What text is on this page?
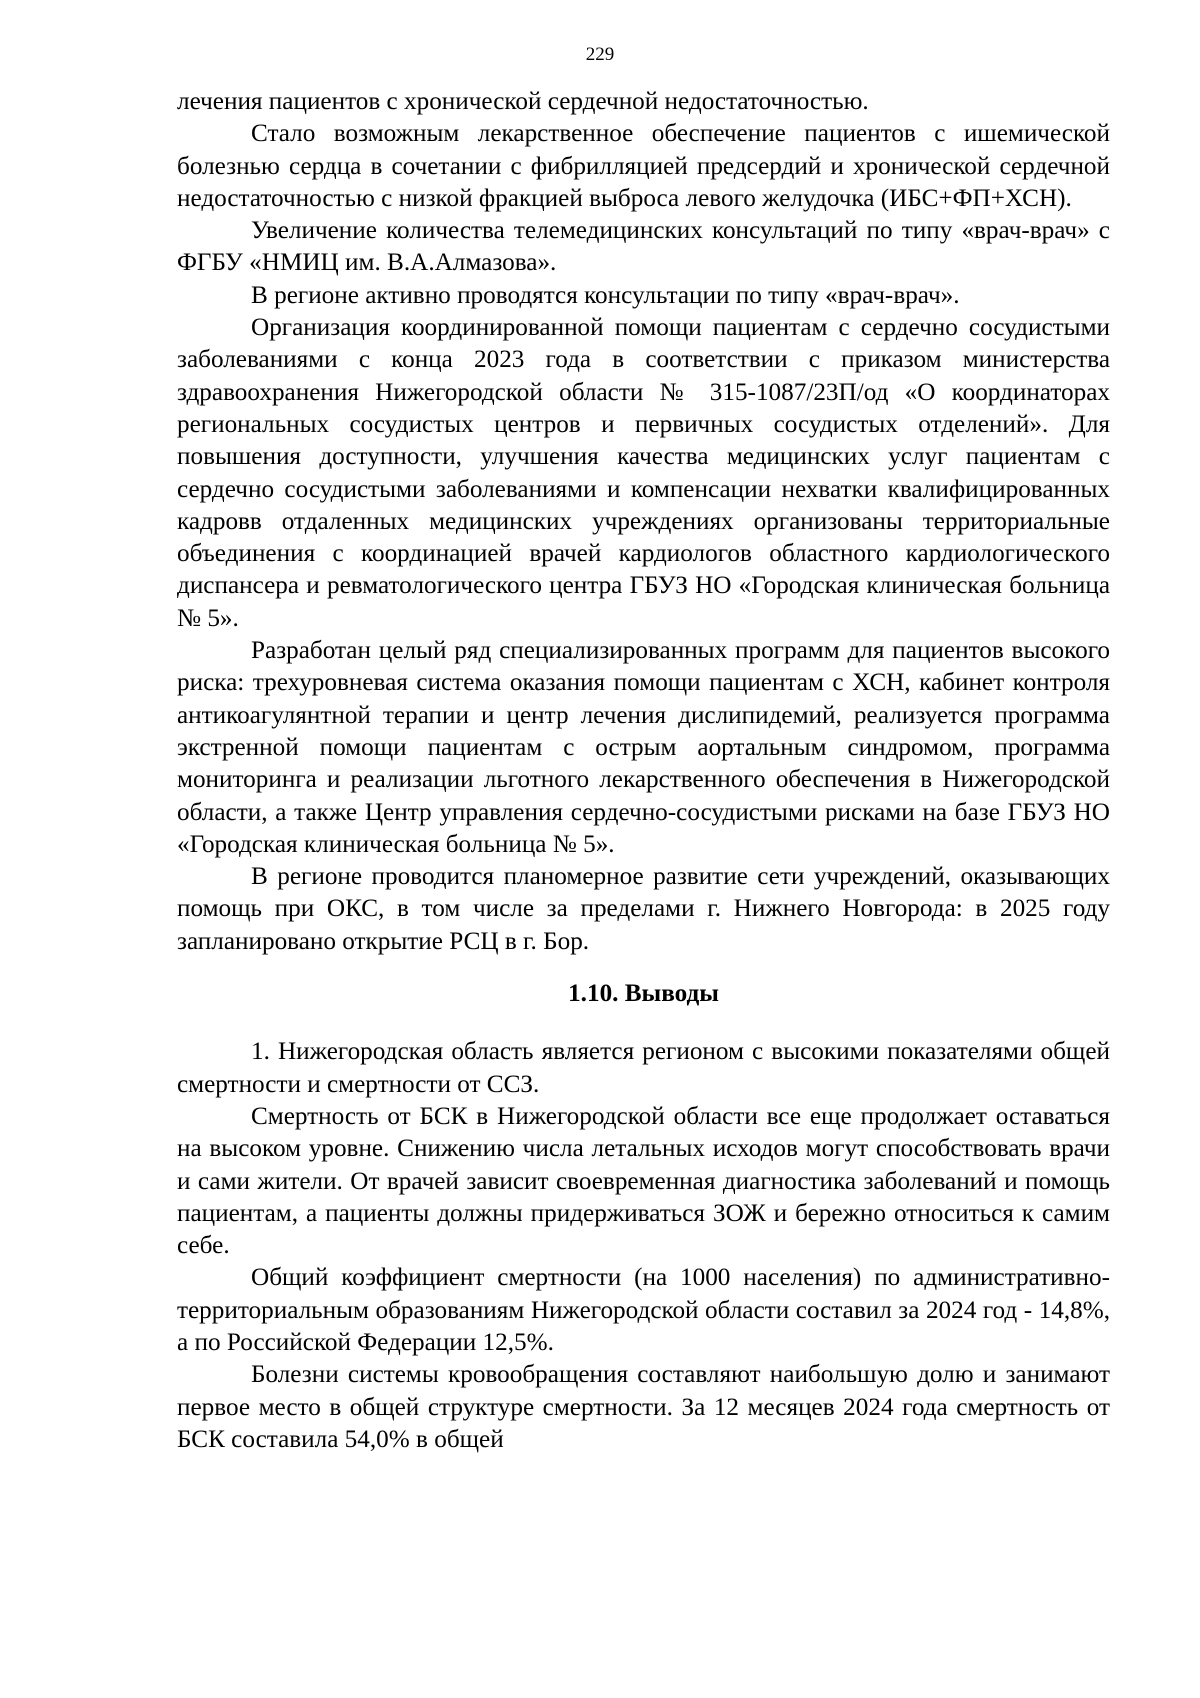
229

лечения пациентов с хронической сердечной недостаточностью.

Стало возможным лекарственное обеспечение пациентов с ишемической болезнью сердца в сочетании с фибрилляцией предсердий и хронической сердечной недостаточностью с низкой фракцией выброса левого желудочка (ИБС+ФП+ХСН).

Увеличение количества телемедицинских консультаций по типу «врач-врач» с ФГБУ «НМИЦ им. В.А.Алмазова».

В регионе активно проводятся консультации по типу «врач-врач».

Организация координированной помощи пациентам с сердечно сосудистыми заболеваниями с конца 2023 года в соответствии с приказом министерства здравоохранения Нижегородской области № 315-1087/23П/од «О координаторах региональных сосудистых центров и первичных сосудистых отделений». Для повышения доступности, улучшения качества медицинских услуг пациентам с сердечно сосудистыми заболеваниями и компенсации нехватки квалифицированных кадровв отдаленных медицинских учреждениях организованы территориальные объединения с координацией врачей кардиологов областного кардиологического диспансера и ревматологического центра ГБУЗ НО «Городская клиническая больница № 5».

Разработан целый ряд специализированных программ для пациентов высокого риска: трехуровневая система оказания помощи пациентам с ХСН, кабинет контроля антикоагулянтной терапии и центр лечения дислипидемий, реализуется программа экстренной помощи пациентам с острым аортальным синдромом, программа мониторинга и реализации льготного лекарственного обеспечения в Нижегородской области, а также Центр управления сердечно-сосудистыми рисками на базе ГБУЗ НО «Городская клиническая больница № 5».

В регионе проводится планомерное развитие сети учреждений, оказывающих помощь при ОКС, в том числе за пределами г. Нижнего Новгорода: в 2025 году запланировано открытие РСЦ в г. Бор.

1.10. Выводы

1. Нижегородская область является регионом с высокими показателями общей смертности и смертности от ССЗ.

Смертность от БСК в Нижегородской области все еще продолжает оставаться на высоком уровне. Снижению числа летальных исходов могут способствовать врачи и сами жители. От врачей зависит своевременная диагностика заболеваний и помощь пациентам, а пациенты должны придерживаться ЗОЖ и бережно относиться к самим себе.

Общий коэффициент смертности (на 1000 населения) по административно-территориальным образованиям Нижегородской области составил за 2024 год - 14,8%, а по Российской Федерации 12,5%.

Болезни системы кровообращения составляют наибольшую долю и занимают первое место в общей структуре смертности. За 12 месяцев 2024 года смертность от БСК составила 54,0% в общей
